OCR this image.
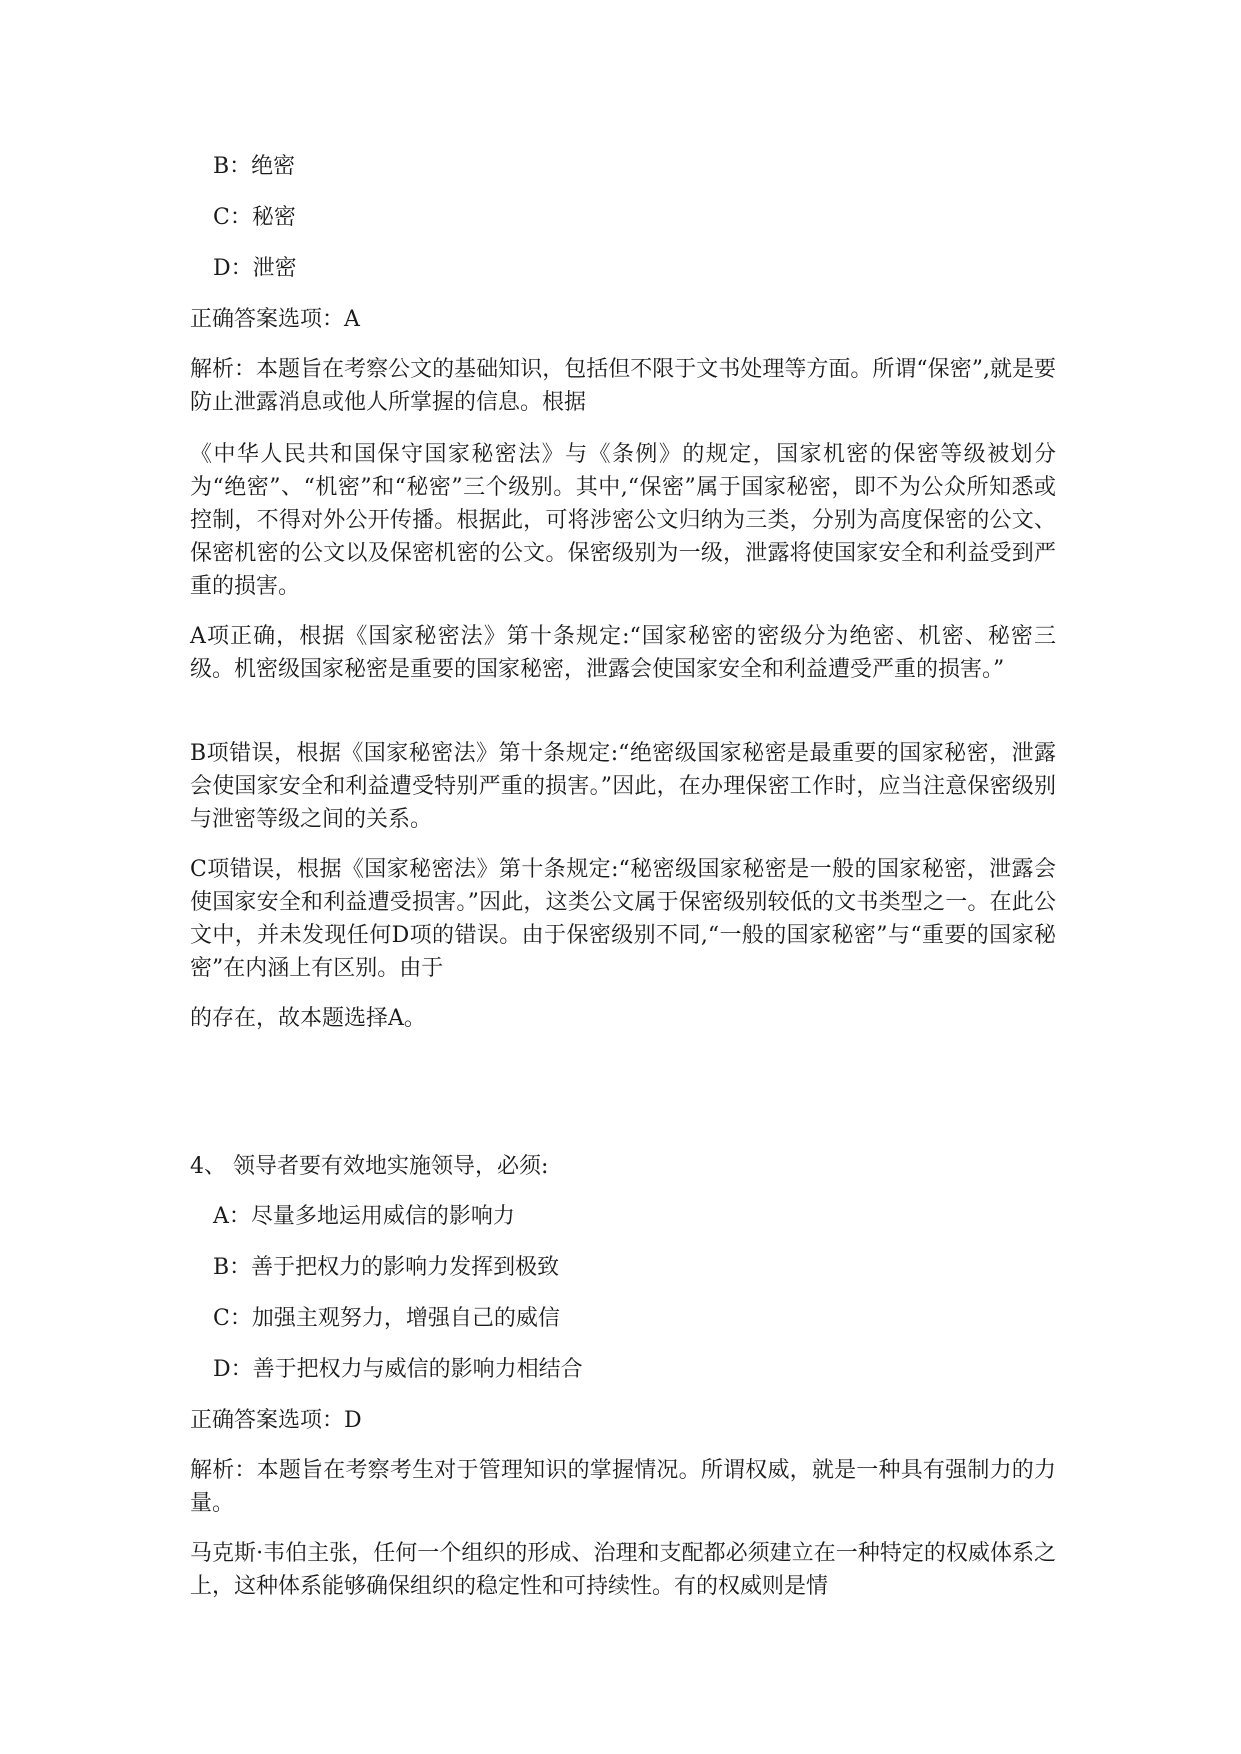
B：绝密
C：秘密
D：泄密
正确答案选项：A
解析：本题旨在考察公文的基础知识，包括但不限于文书处理等方面。所谓“保密”,就是要防止泄露消息或他人所掌握的信息。根据
《中华人民共和国保守国家秘密法》与《条例》的规定，国家机密的保密等级被划分为“绝密”、“机密”和“秘密”三个级别。其中,“保密”属于国家秘密，即不为公众所知悉或控制，不得对外公开传播。根据此，可将涉密公文归纳为三类，分别为高度保密的公文、保密机密的公文以及保密机密的公文。保密级别为一级，泄露将使国家安全和利益受到严重的损害。
A项正确，根据《国家秘密法》第十条规定:“国家秘密的密级分为绝密、机密、秘密三级。机密级国家秘密是重要的国家秘密，泄露会使国家安全和利益遭受严重的损害。”
B项错误，根据《国家秘密法》第十条规定:“绝密级国家秘密是最重要的国家秘密，泄露会使国家安全和利益遭受特别严重的损害。”因此，在办理保密工作时，应当注意保密级别与泄密等级之间的关系。
C项错误，根据《国家秘密法》第十条规定:“秘密级国家秘密是一般的国家秘密，泄露会使国家安全和利益遭受损害。”因此，这类公文属于保密级别较低的文书类型之一。在此公文中，并未发现任何D项的错误。由于保密级别不同,“一般的国家秘密”与“重要的国家秘密”在内涵上有区别。由于
的存在，故本题选择A。
4、 领导者要有效地实施领导，必须:
A：尽量多地运用威信的影响力
B：善于把权力的影响力发挥到极致
C：加强主观努力，增强自己的威信
D：善于把权力与威信的影响力相结合
正确答案选项：D
解析：本题旨在考察考生对于管理知识的掌握情况。所谓权威，就是一种具有强制力的力量。
马克斯·韦伯主张，任何一个组织的形成、治理和支配都必须建立在一种特定的权威体系之上，这种体系能够确保组织的稳定性和可持续性。有的权威则是情
